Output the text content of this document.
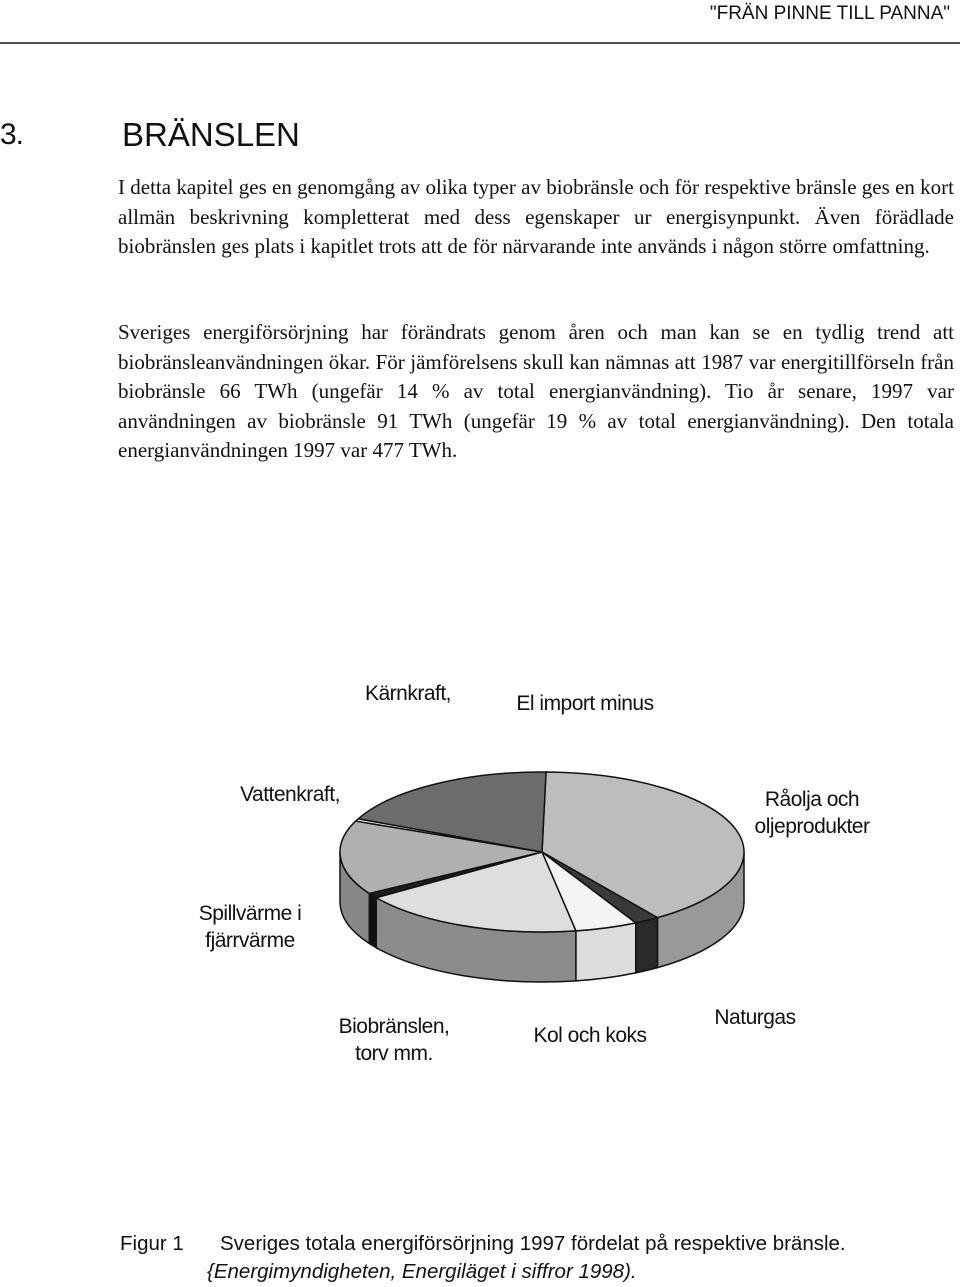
"FRÄN PINNE TILL PANNA"
3.	BRÄNSLEN

I detta kapitel ges en genomgång av olika typer av biobränsle och för respektive bränsle ges en kort allmän beskrivning kompletterat med dess egenskaper ur energisynpunkt. Även förädlade biobränslen ges plats i kapitlet trots att de för närvarande inte används i någon större omfattning.

Sveriges energiförsörjning har förändrats genom åren och man kan se en tydlig trend att biobränsleanvändningen ökar. För jämförelsens skull kan nämnas att 1987 var energitillförseln från biobränsle 66 TWh (ungefär 14 % av total energianvändning). Tio år senare, 1997 var användningen av biobränsle 91 TWh (ungefär 19 % av total energianvändning). Den totala energianvändningen 1997 var 477 TWh.

Råolja och oljeprodukter
Naturgas
Kol och koks
Biobränslen, torv mm.
Spillvärme i fjärrvärme
Vattenkraft,
El import minus
Kärnkraft,
Figur 1 Sveriges totala energiförsörjning 1997 fördelat på respektive bränsle.
{Energimyndigheten, Energiläget i siffror 1998).
